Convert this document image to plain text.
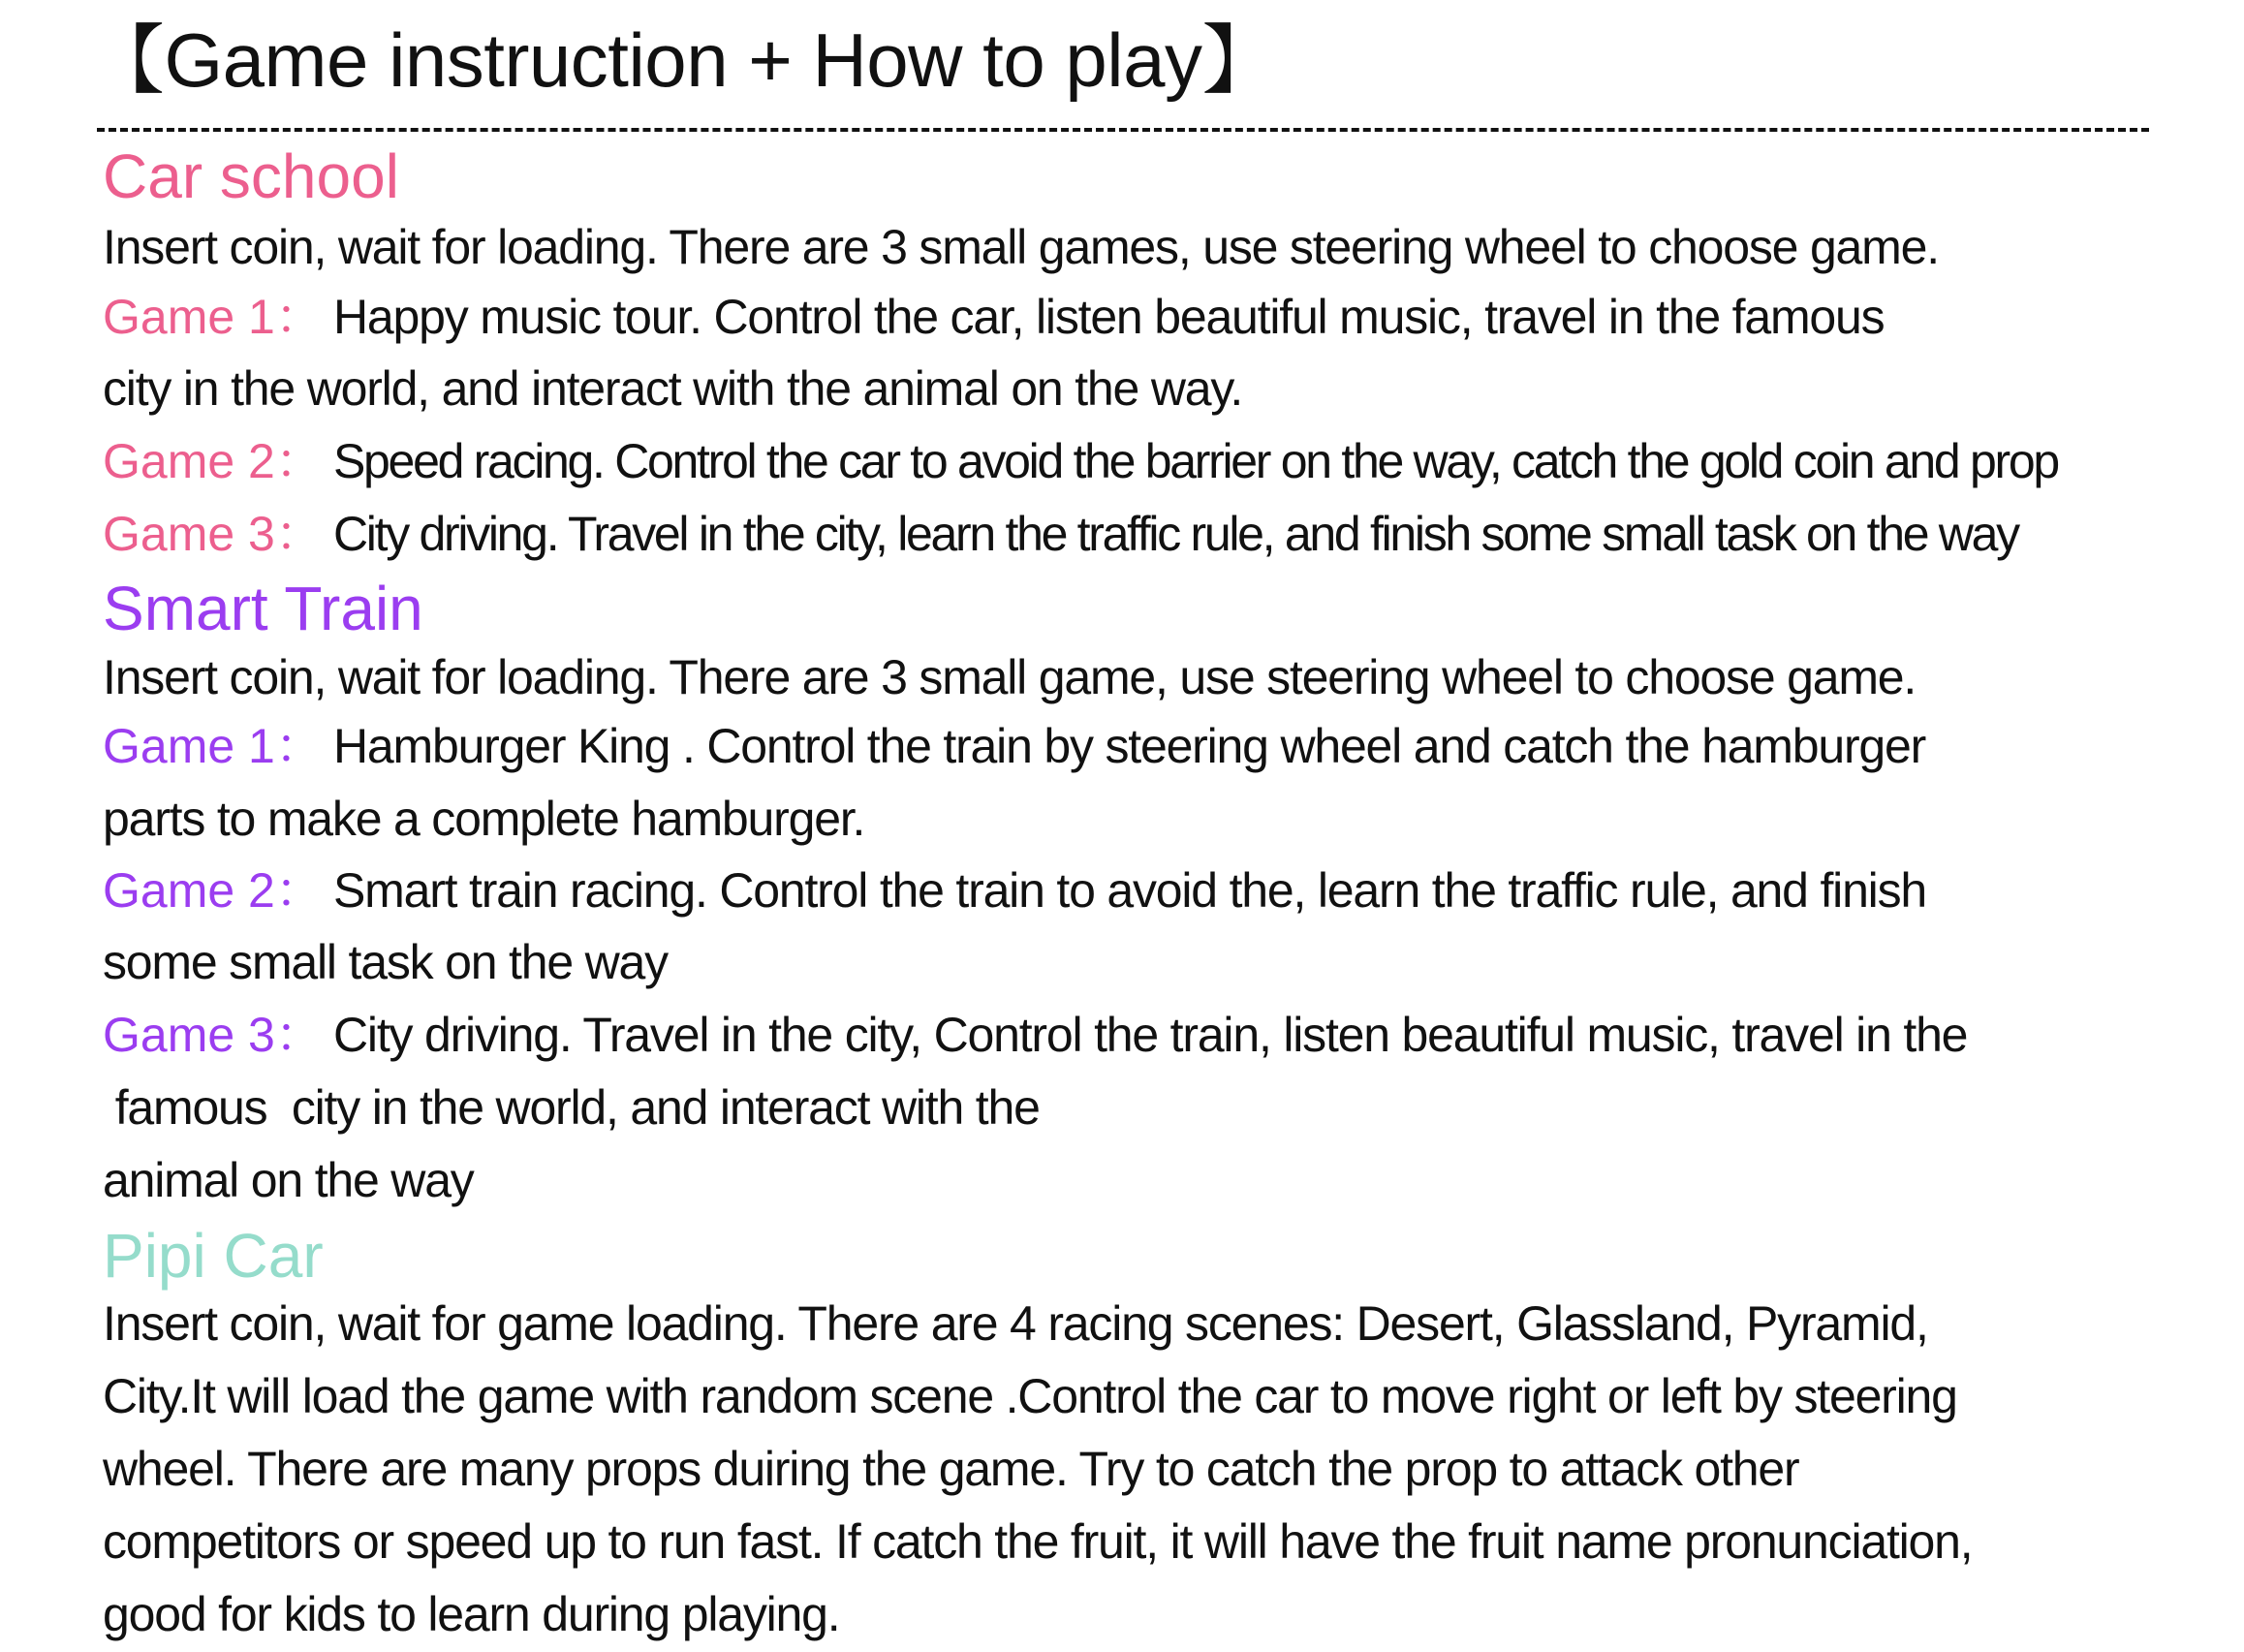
【Game instruction + How to play】
Car school
Insert coin, wait for loading. There are 3 small games, use steering wheel to choose game.
Game 1： Happy music tour. Control the car, listen beautiful music, travel in the famous
city in the world, and interact with the animal on the way.
Game 2： Speed racing. Control the car to avoid the barrier on the way, catch the gold coin and prop
Game 3： City driving. Travel in the city, learn the traffic rule, and finish some small task on the way
Smart Train
Insert coin, wait for loading. There are 3 small game, use steering wheel to choose game.
Game 1： Hamburger King . Control the train by steering wheel and catch the hamburger
parts to make a complete hamburger.
Game 2： Smart train racing. Control the train to avoid the, learn the traffic rule, and finish
some small task on the way
Game 3： City driving. Travel in the city, Control the train, listen beautiful music, travel in the
famous  city in the world, and interact with the
animal on the way
Pipi Car
Insert coin, wait for game loading. There are 4 racing scenes: Desert, Glassland, Pyramid,
City.It will load the game with random scene .Control the car to move right or left by steering
wheel. There are many props duiring the game. Try to catch the prop to attack other
competitors or speed up to run fast. If catch the fruit, it will have the fruit name pronunciation,
good for kids to learn during playing.
